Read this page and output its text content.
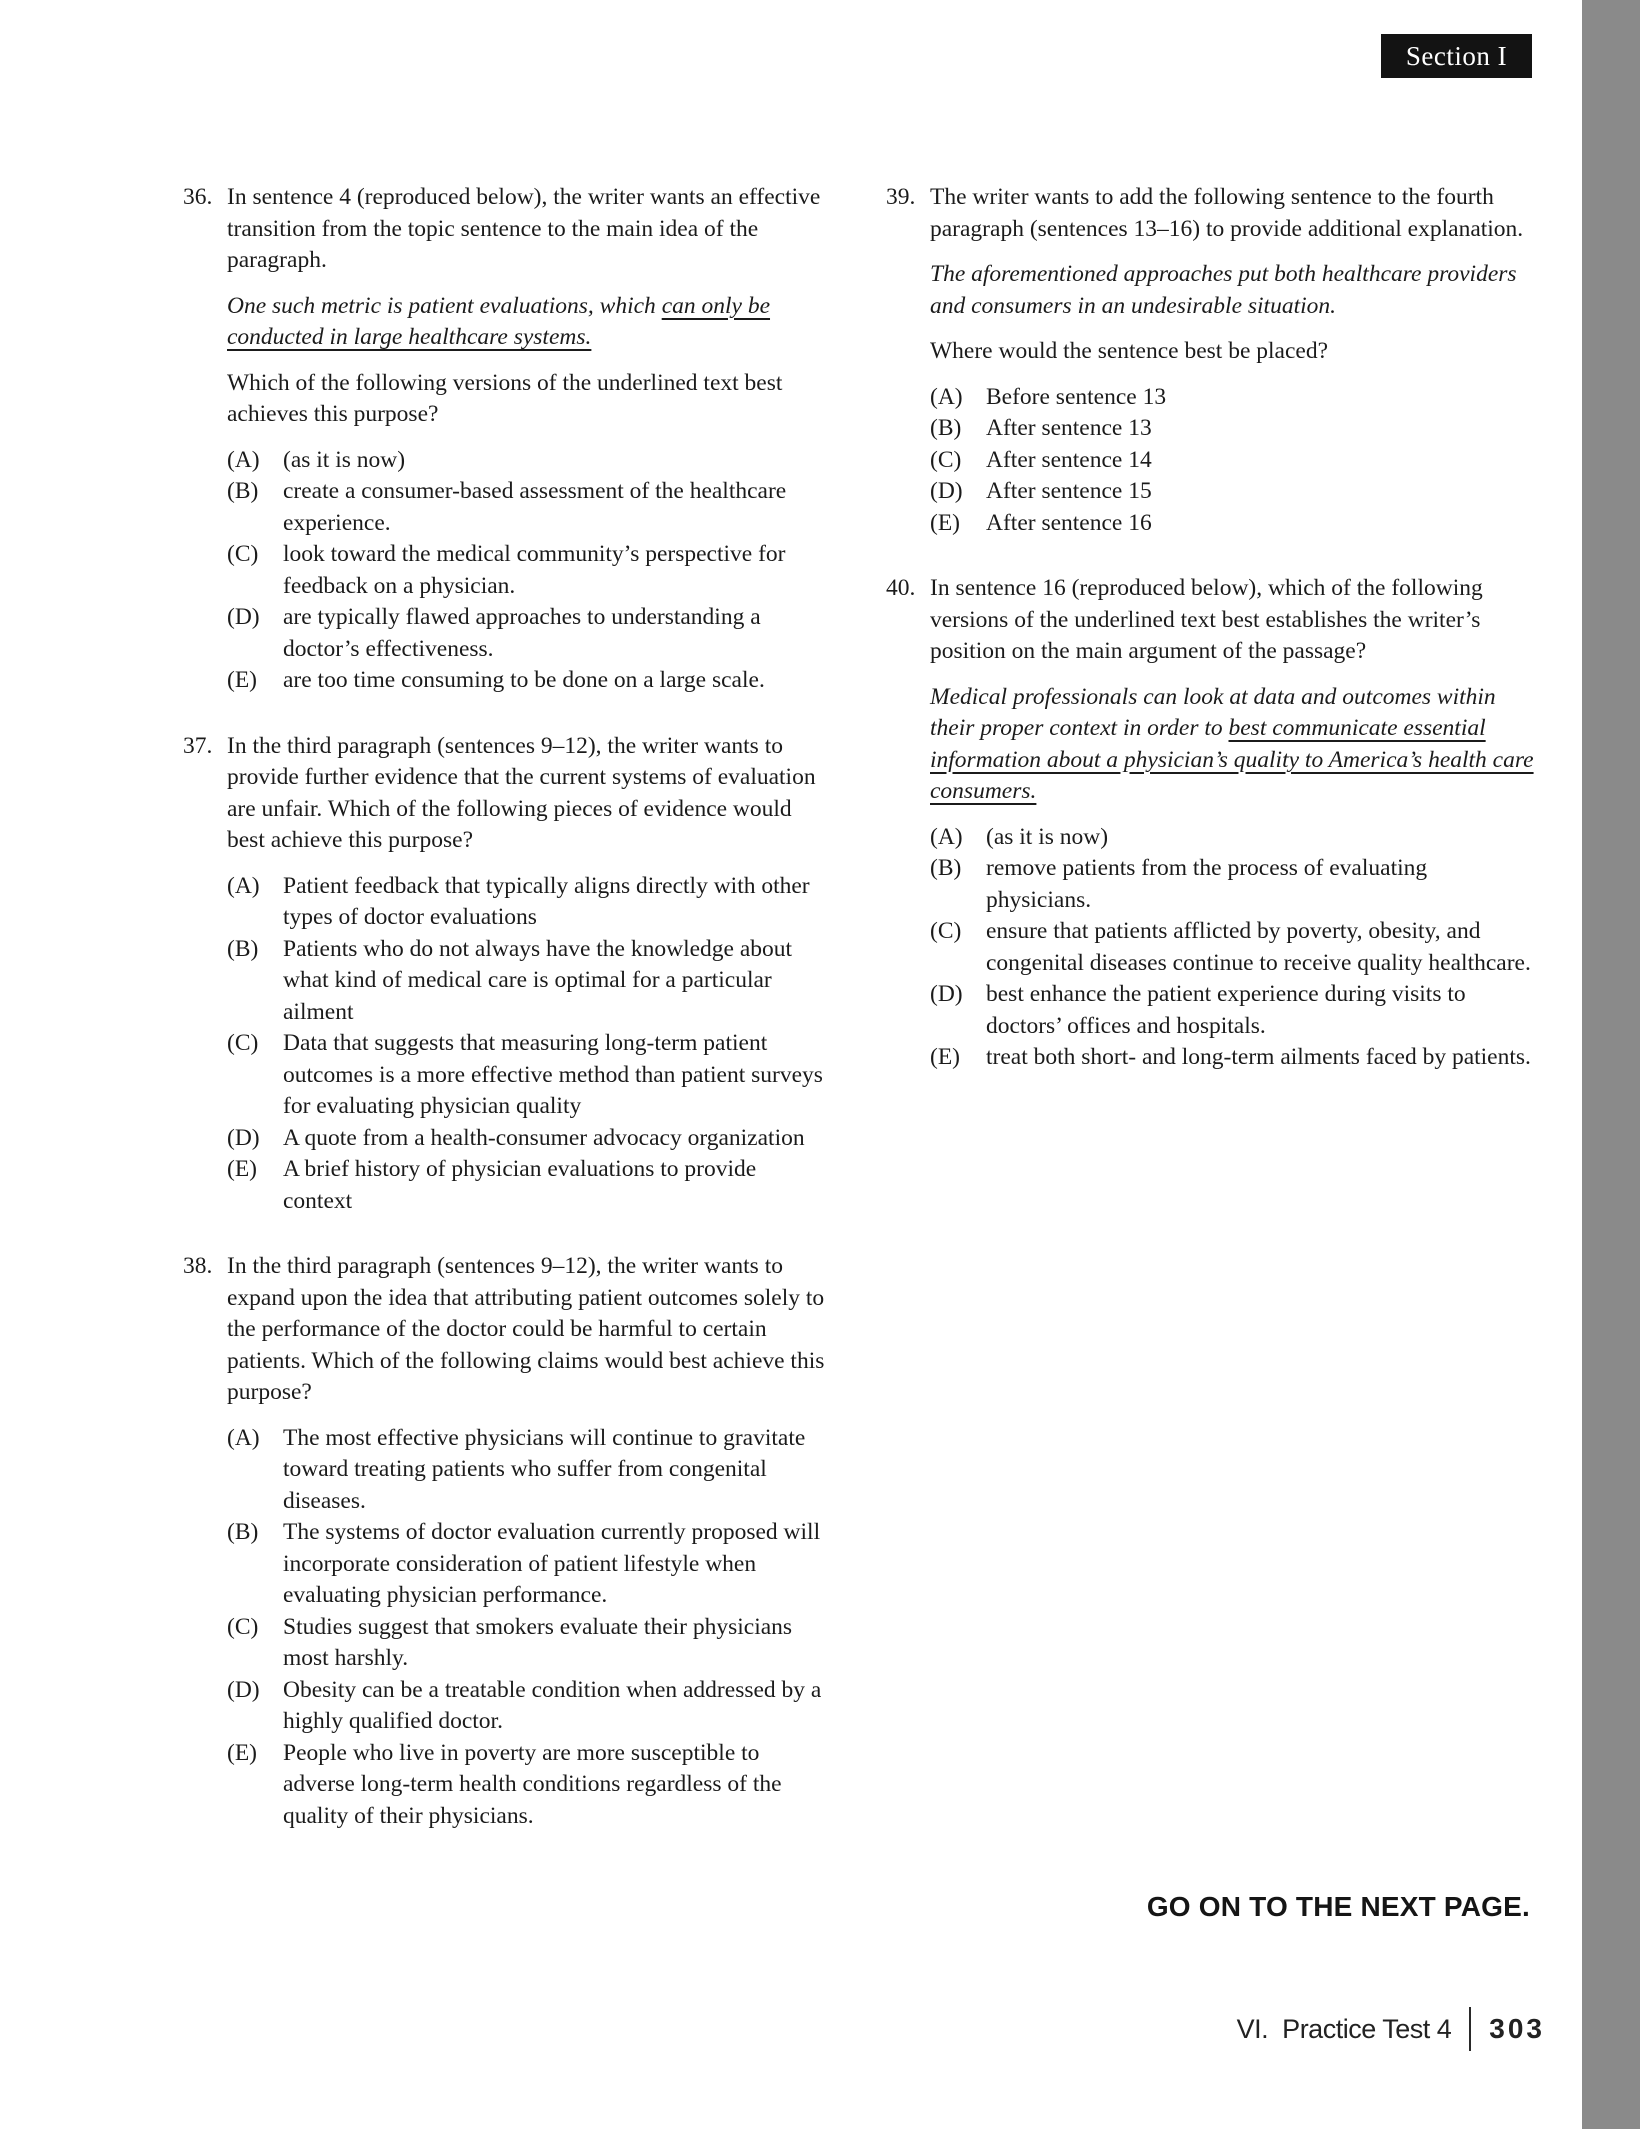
Section I
36. In sentence 4 (reproduced below), the writer wants an effective transition from the topic sentence to the main idea of the paragraph.

One such metric is patient evaluations, which can only be conducted in large healthcare systems.

Which of the following versions of the underlined text best achieves this purpose?

(A) (as it is now)
(B)	create a consumer-based assessment of the healthcare experience.
(C)	look toward the medical community’s perspective for feedback on a physician.
(D) are typically flawed approaches to understanding a doctor’s effectiveness.
(E)	are too time consuming to be done on a large scale.
37. In the third paragraph (sentences 9–12), the writer wants to provide further evidence that the current systems of evaluation are unfair. Which of the following pieces of evidence would best achieve this purpose?

(A) Patient feedback that typically aligns directly with other types of doctor evaluations
(B)	Patients who do not always have the knowledge about what kind of medical care is optimal for a particular ailment
(C)	Data that suggests that measuring long-term patient outcomes is a more effective method than patient surveys for evaluating physician quality
(D) A quote from a health-consumer advocacy organization
(E)	A brief history of physician evaluations to provide context
38. In the third paragraph (sentences 9–12), the writer wants to expand upon the idea that attributing patient outcomes solely to the performance of the doctor could be harmful to certain patients. Which of the following claims would best achieve this purpose?

(A) The most effective physicians will continue to gravitate toward treating patients who suffer from congenital diseases.
(B)	The systems of doctor evaluation currently proposed will incorporate consideration of patient lifestyle when evaluating physician performance.
(C)	Studies suggest that smokers evaluate their physicians most harshly.
(D) Obesity can be a treatable condition when addressed by a highly qualified doctor.
(E)	People who live in poverty are more susceptible to adverse long-term health conditions regardless of the quality of their physicians.
39. The writer wants to add the following sentence to the fourth paragraph (sentences 13–16) to provide additional explanation.

The aforementioned approaches put both healthcare providers and consumers in an undesirable situation.

Where would the sentence best be placed?

(A) Before sentence 13
(B)	After sentence 13
(C)	After sentence 14
(D) After sentence 15
(E)	After sentence 16
40. In sentence 16 (reproduced below), which of the following versions of the underlined text best establishes the writer’s position on the main argument of the passage?

Medical professionals can look at data and outcomes within their proper context in order to best communicate essential information about a physician’s quality to America’s health care consumers.

(A) (as it is now)
(B)	remove patients from the process of evaluating physicians.
(C)	ensure that patients afflicted by poverty, obesity, and congenital diseases continue to receive quality healthcare.
(D) best enhance the patient experience during visits to doctors’ offices and hospitals.
(E)	treat both short- and long-term ailments faced by patients.
GO ON TO THE NEXT PAGE.
VI.  Practice Test 4 303
